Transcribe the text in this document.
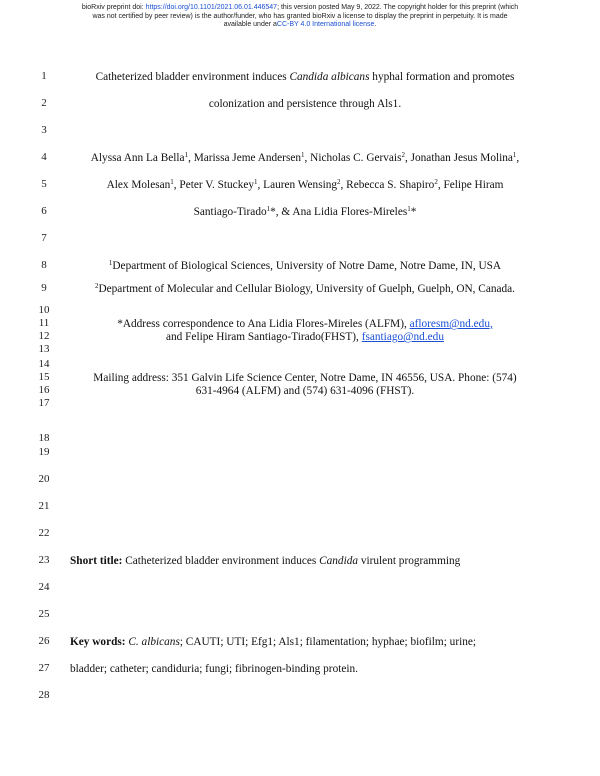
bioRxiv preprint doi: https://doi.org/10.1101/2021.06.01.446547; this version posted May 9, 2022. The copyright holder for this preprint (which
was not certified by peer review) is the author/funder, who has granted bioRxiv a license to display the preprint in perpetuity. It is made
available under aCC-BY 4.0 International license.
1
2
3
4
5
6
7
8
9
10
11
12
13
14
15
16
17
18
19
20
21
22
23
24
25
26
27
28
Catheterized bladder environment induces Candida albicans hyphal formation and promotes
colonization and persistence through Als1.
Alyssa Ann La Bella$^1$, Marissa Jeme Andersen$^1$, Nicholas C. Gervais$^2$, Jonathan Jesus Molina$^1$,
Alex Molesan$^1$, Peter V. Stuckey$^1$, Lauren Wensing$^2$, Rebecca S. Shapiro$^2$, Felipe Hiram
Santiago-Tirado$^1$*, & Ana Lidia Flores-Mireles$^1$*
$^1$Department of Biological Sciences, University of Notre Dame, Notre Dame, IN, USA
$^2$Department of Molecular and Cellular Biology, University of Guelph, Guelph, ON, Canada.
*Address correspondence to Ana Lidia Flores-Mireles (ALFM), afloresm@nd.edu,
and Felipe Hiram Santiago-Tirado(FHST), fsantiago@nd.edu
Mailing address: 351 Galvin Life Science Center, Notre Dame, IN 46556, USA. Phone: (574)
631-4964 (ALFM) and (574) 631-4096 (FHST).
Short title: Catheterized bladder environment induces Candida virulent programming
Key words: C. albicans; CAUTI; UTI; Efg1; Als1; filamentation; hyphae; biofilm; urine;
bladder; catheter; candiduria; fungi; fibrinogen-binding protein.
